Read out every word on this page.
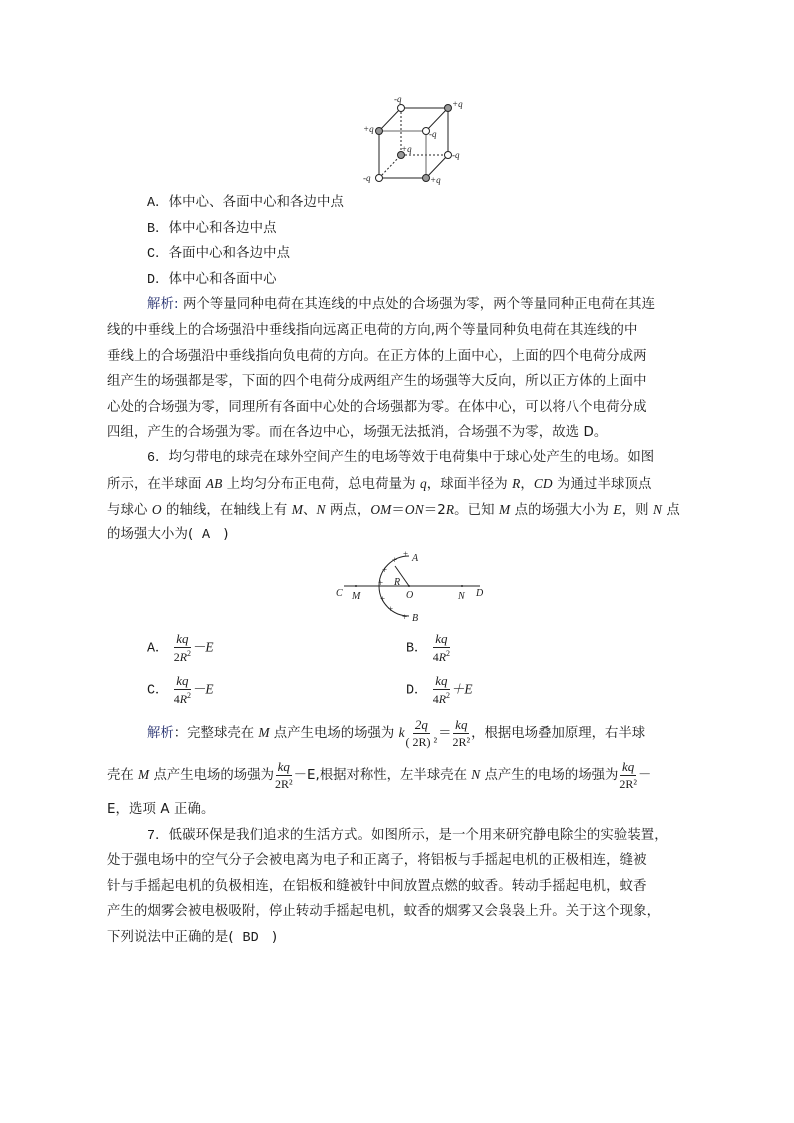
-q	+q
+q	-q
+q
-q
-q	+q
A．体中心、各面中心和各边中点
B．体中心和各边中点
C．各面中心和各边中点
D．体中心和各面中心
解析: 两个等量同种电荷在其连线的中点处的合场强为零，两个等量同种正电荷在其连
线的中垂线上的合场强沿中垂线指向远离正电荷的方向,两个等量同种负电荷在其连线的中
垂线上的合场强沿中垂线指向负电荷的方向。在正方体的上面中心，上面的四个电荷分成两
组产生的场强都是零，下面的四个电荷分成两组产生的场强等大反向，所以正方体的上面中
心处的合场强为零，同理所有各面中心处的合场强都为零。在体中心，可以将八个电荷分成
四组，产生的合场强为零。而在各边中心，场强无法抵消，合场强不为零，故选 D。
6．均匀带电的球壳在球外空间产生的电场等效于电荷集中于球心处产生的电场。如图
所示，在半球面 AB 上均匀分布正电荷，总电荷量为 q，球面半径为 R，CD 为通过半球顶点
与球心 O 的轴线，在轴线上有 M、N 两点，OM＝ON＝2R。已知 M 点的场强大小为 E，则 N 点
的场强大小为( A )
C M
R
O	N D
A
B
+
+
+
+
+
+
+
A． $\frac{kq}{2R^2} -E$	B． $\frac{kq}{4R^2}$
C． $\frac{kq}{4R^2} -E$	D． $\frac{kq}{4R^2} +E$
解析：完整球壳在 M 点产生电场的场强为 k $\frac{2q}{\text{( 2R) ²}} = \frac{kq}{\text{2R²}}$ ，根据电场叠加原理，右半球
壳在 M 点产生电场的场强为 $\frac{kq}{\text{2R²}} -E$,根据对称性，左半球壳在 N 点产生的电场的场强为 $\frac{kq}{\text{2R²}}$ －
E，选项 A 正确。
7．低碳环保是我们追求的生活方式。如图所示，是一个用来研究静电除尘的实验装置，
处于强电场中的空气分子会被电离为电子和正离子，将铝板与手摇起电机的正极相连，缝被
针与手摇起电机的负极相连，在铝板和缝被针中间放置点燃的蚊香。转动手摇起电机，蚊香
产生的烟雾会被电极吸附，停止转动手摇起电机，蚊香的烟雾又会袅袅上升。关于这个现象，
下列说法中正确的是( BD )
